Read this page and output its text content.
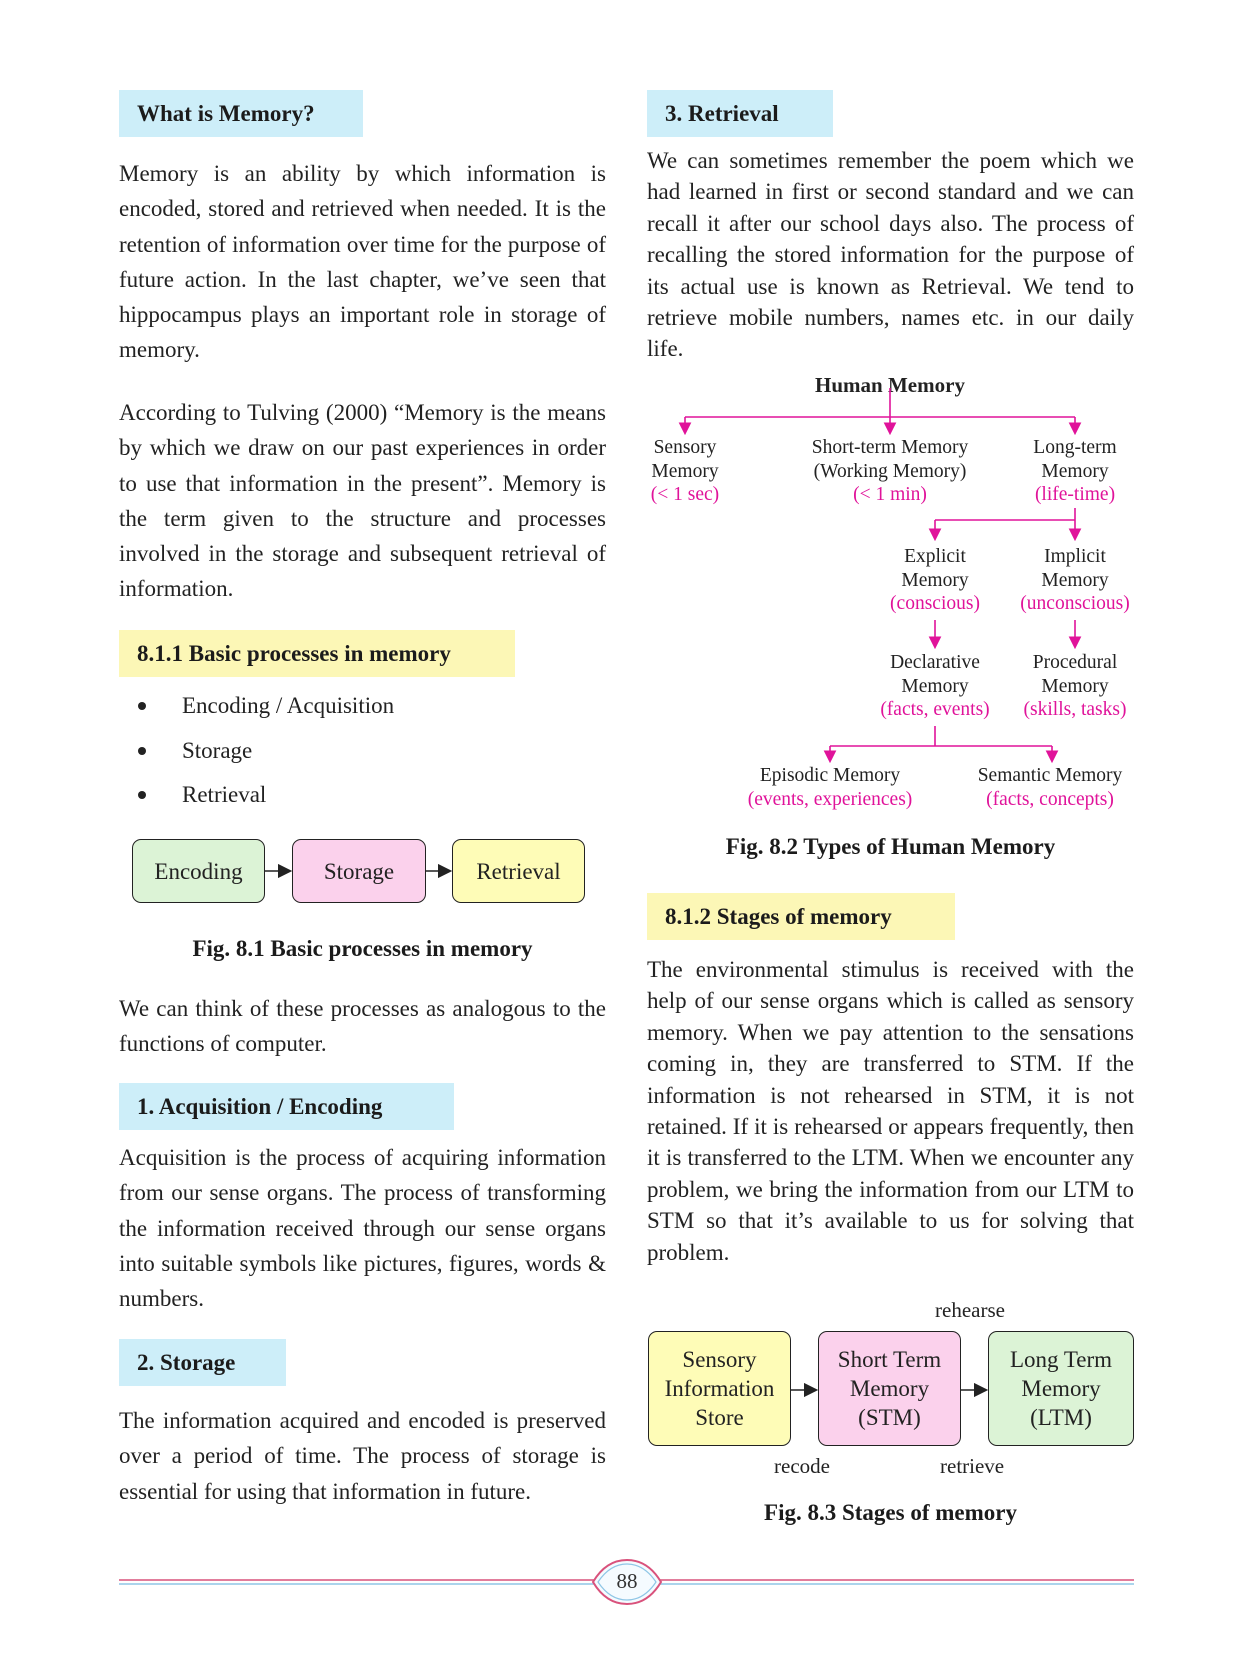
What is Memory?

Memory is an ability by which information is encoded, stored and retrieved when needed. It is the retention of information over time for the purpose of future action. In the last chapter, we’ve seen that hippocampus plays an important role in storage of memory.

According to Tulving (2000) “Memory is the means by which we draw on our past experiences in order to use that information in the present”. Memory is the term given to the structure and processes involved in the storage and subsequent retrieval of information.

8.1.1 Basic processes in memory
Encoding / Acquisition
Storage
Retrieval
Encoding	Storage	Retrieval
Fig. 8.1 Basic processes in memory

We can think of these processes as analogous to the functions of computer.

1. Acquisition / Encoding

Acquisition is the process of acquiring information from our sense organs. The process of transforming the information received through our sense organs into suitable symbols like pictures, figures, words & numbers.

2. Storage

The information acquired and encoded is preserved over a period of time. The process of storage is essential for using that information in future.

3. Retrieval

We can sometimes remember the poem which we had learned in first or second standard and we can recall it after our school days also. The process of recalling the stored information for the purpose of its actual use is known as Retrieval. We tend to retrieve mobile numbers, names etc. in our daily life.

Human Memory
Sensory
Memory
(< 1 sec)
Short-term Memory
(Working Memory)
(< 1 min)
Long-term
Memory
(life-time)
Explicit
Memory
(conscious)
Implicit
Memory
(unconscious)
Declarative
Memory
(facts, events)
Procedural
Memory
(skills, tasks)
Episodic Memory
(events, experiences)
Semantic Memory
(facts, concepts)
Fig. 8.2 Types of Human Memory
8.1.2 Stages of memory

The environmental stimulus is received with the help of our sense organs which is called as sensory memory. When we pay attention to the sensations coming in, they are transferred to STM. If the information is not rehearsed in STM, it is not retained. If it is rehearsed or appears frequently, then it is transferred to the LTM. When we encounter any problem, we bring the information from our LTM to STM so that it’s available to us for solving that problem.

rehearse
Sensory
Information
Store
Short Term
Memory
(STM)
Long Term
Memory
(LTM)
recode	retrieve
Fig. 8.3 Stages of memory
88
